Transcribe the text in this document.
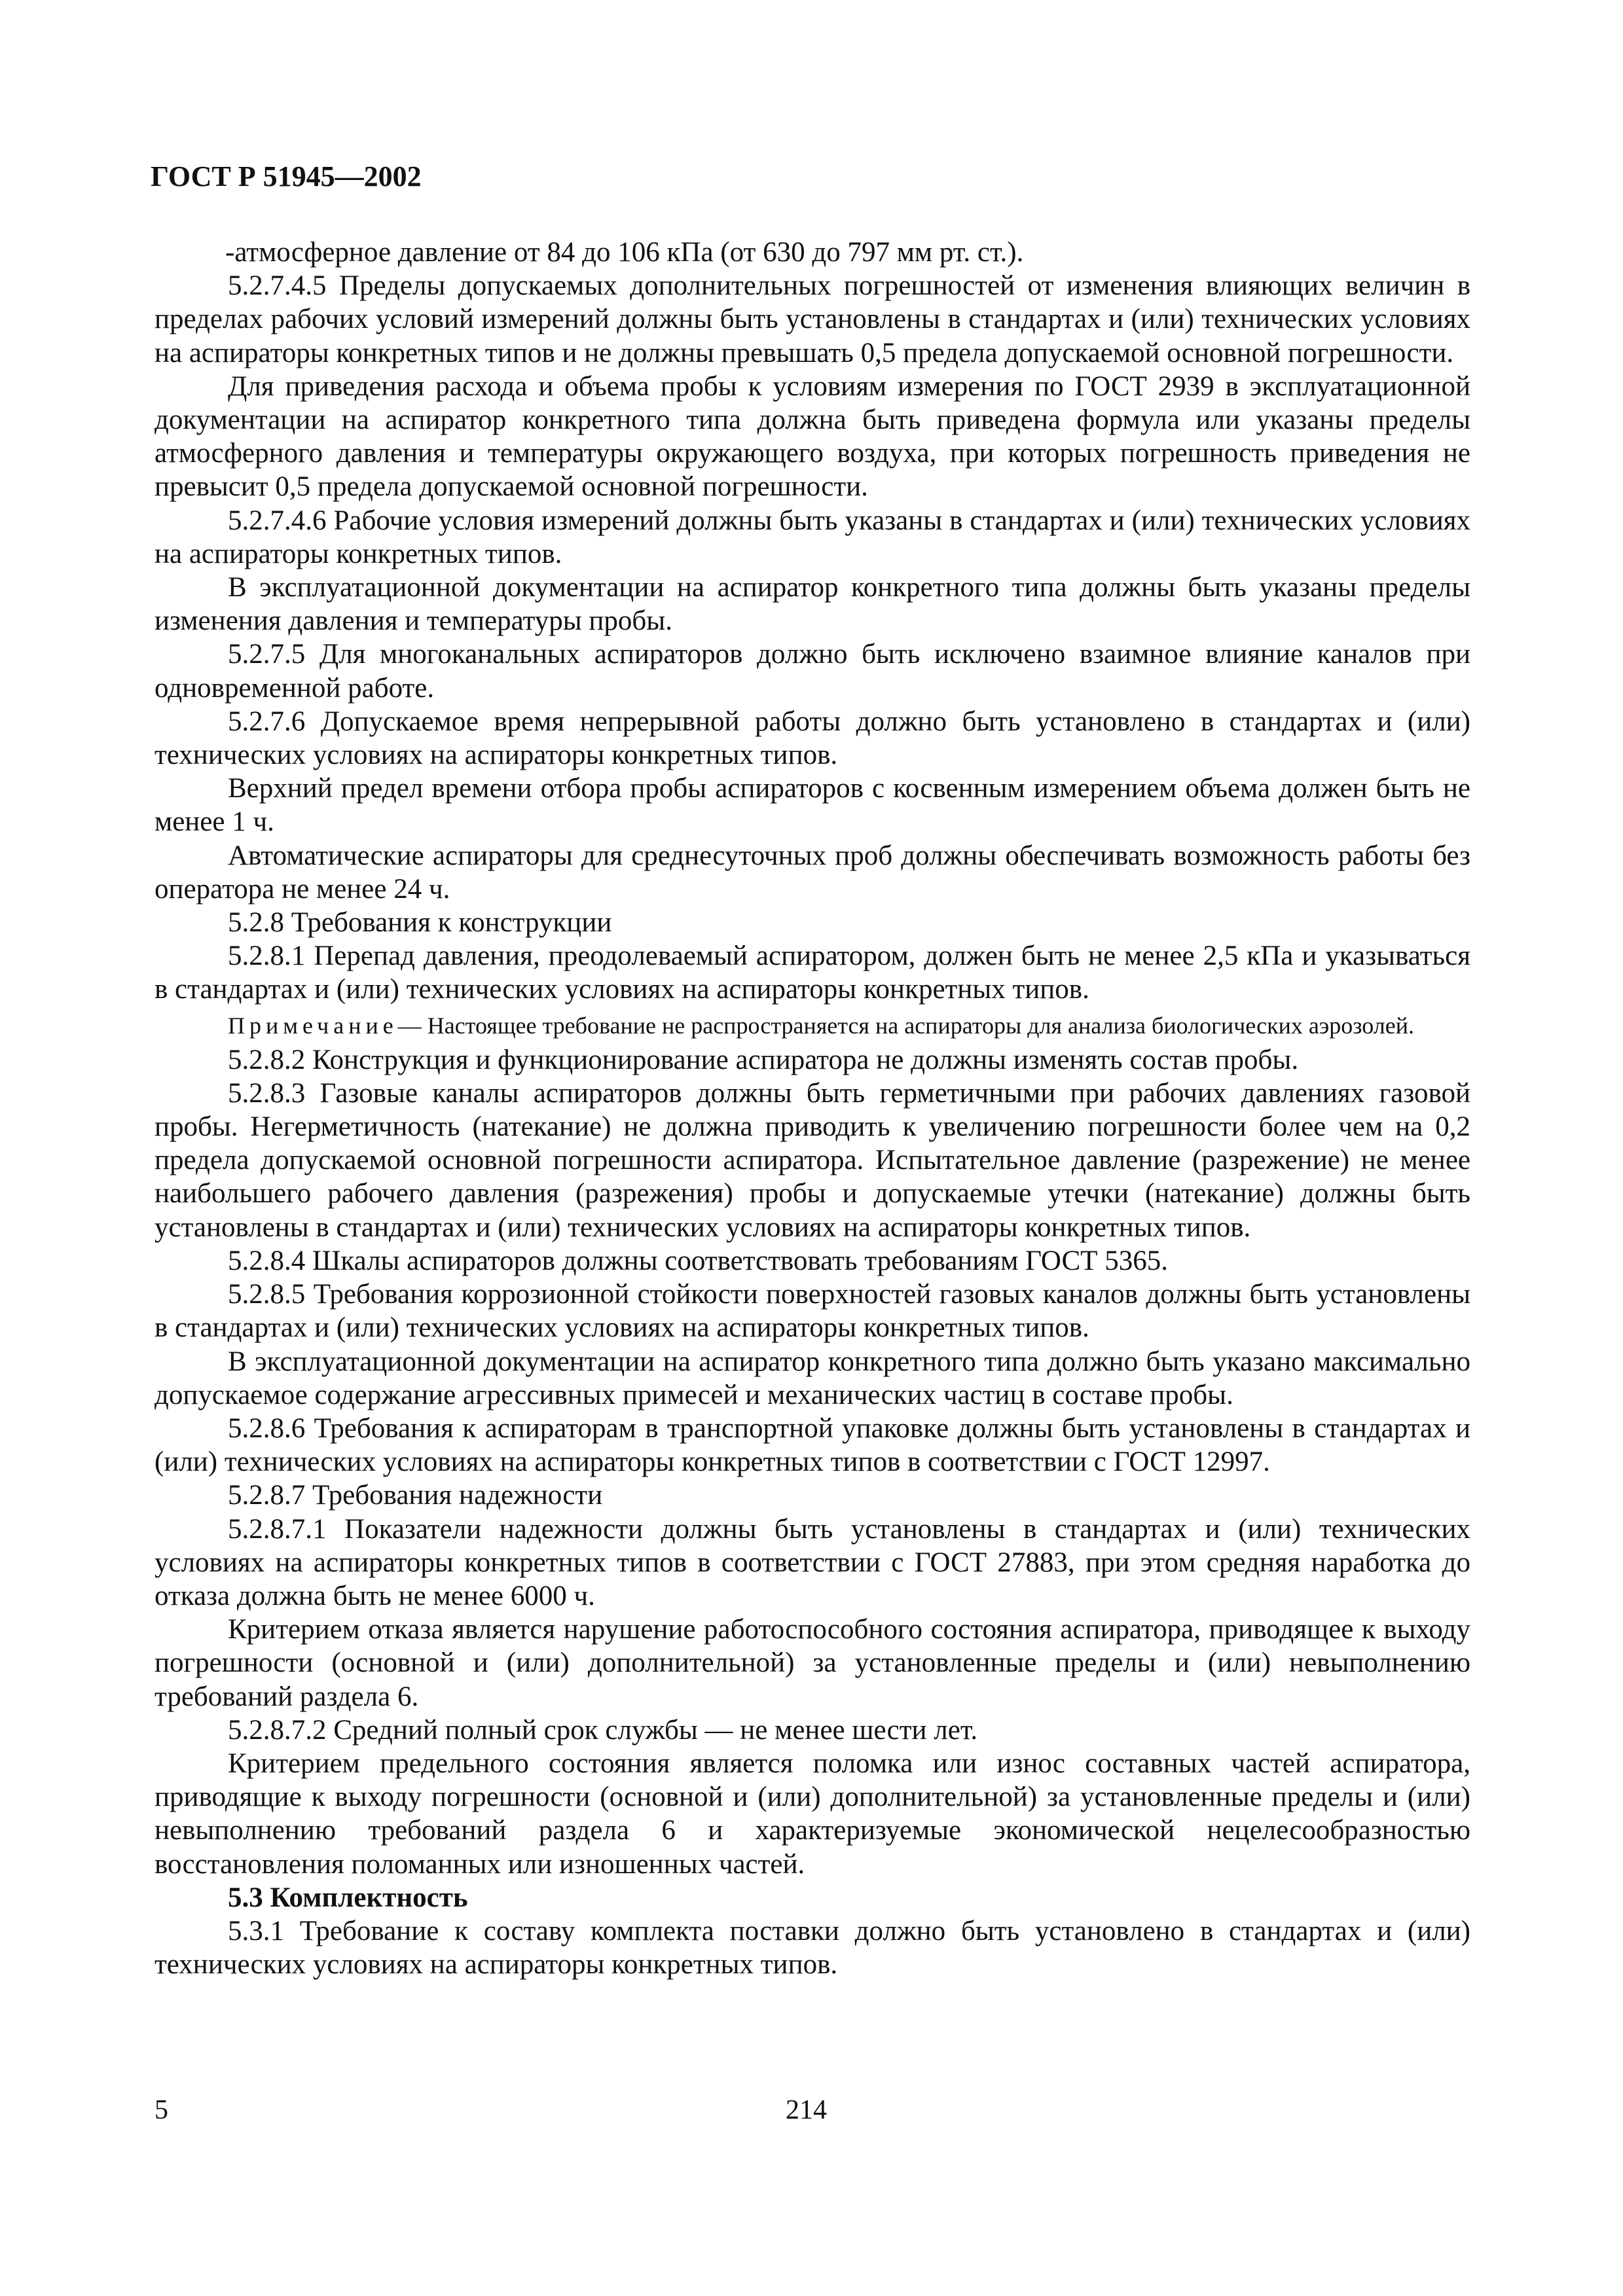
ГОСТ Р 51945—2002

-атмосферное давление от 84 до 106 кПа (от 630 до 797 мм рт. ст.).

5.2.7.4.5 Пределы допускаемых дополнительных погрешностей от изменения влияющих величин в пределах рабочих условий измерений должны быть установлены в стандартах и (или) технических условиях на аспираторы конкретных типов и не должны превышать 0,5 предела допускаемой основной погрешности.

Для приведения расхода и объема пробы к условиям измерения по ГОСТ 2939 в эксплуатационной документации на аспиратор конкретного типа должна быть приведена формула или указаны пределы атмосферного давления и температуры окружающего воздуха, при которых погрешность приведения не превысит 0,5 предела допускаемой основной погрешности.

5.2.7.4.6 Рабочие условия измерений должны быть указаны в стандартах и (или) технических условиях на аспираторы конкретных типов.

В эксплуатационной документации на аспиратор конкретного типа должны быть указаны пределы изменения давления и температуры пробы.

5.2.7.5 Для многоканальных аспираторов должно быть исключено взаимное влияние каналов при одновременной работе.

5.2.7.6 Допускаемое время непрерывной работы должно быть установлено в стандартах и (или) технических условиях на аспираторы конкретных типов.

Верхний предел времени отбора пробы аспираторов с косвенным измерением объема должен быть не менее 1 ч.

Автоматические аспираторы для среднесуточных проб должны обеспечивать возможность работы без оператора не менее 24 ч.

5.2.8 Требования к конструкции

5.2.8.1 Перепад давления, преодолеваемый аспиратором, должен быть не менее 2,5 кПа и указываться в стандартах и (или) технических условиях на аспираторы конкретных типов.

Примечание— Настоящее требование не распространяется на аспираторы для анализа биологических аэрозолей.

5.2.8.2 Конструкция и функционирование аспиратора не должны изменять состав пробы.

5.2.8.3 Газовые каналы аспираторов должны быть герметичными при рабочих давлениях газовой пробы. Негерметичность (натекание) не должна приводить к увеличению погрешности более чем на 0,2 предела допускаемой основной погрешности аспиратора. Испытательное давление (разрежение) не менее наибольшего рабочего давления (разрежения) пробы и допускаемые утечки (натекание) должны быть установлены в стандартах и (или) технических условиях на аспираторы конкретных типов.

5.2.8.4 Шкалы аспираторов должны соответствовать требованиям ГОСТ 5365.

5.2.8.5 Требования коррозионной стойкости поверхностей газовых каналов должны быть установлены в стандартах и (или) технических условиях на аспираторы конкретных типов.

В эксплуатационной документации на аспиратор конкретного типа должно быть указано максимально допускаемое содержание агрессивных примесей и механических частиц в составе пробы.

5.2.8.6 Требования к аспираторам в транспортной упаковке должны быть установлены в стандартах и (или) технических условиях на аспираторы конкретных типов в соответствии с ГОСТ 12997.

5.2.8.7 Требования надежности

5.2.8.7.1 Показатели надежности должны быть установлены в стандартах и (или) технических условиях на аспираторы конкретных типов в соответствии с ГОСТ 27883, при этом средняя наработка до отказа должна быть не менее 6000 ч.

Критерием отказа является нарушение работоспособного состояния аспиратора, приводящее к выходу погрешности (основной и (или) дополнительной) за установленные пределы и (или) невыполнению требований раздела 6.

5.2.8.7.2 Средний полный срок службы — не менее шести лет.

Критерием предельного состояния является поломка или износ составных частей аспиратора, приводящие к выходу погрешности (основной и (или) дополнительной) за установленные пределы и (или) невыполнению требований раздела 6 и характеризуемые экономической нецелесообразностью восстановления поломанных или изношенных частей.

5.3 Комплектность

5.3.1 Требование к составу комплекта поставки должно быть установлено в стандартах и (или) технических условиях на аспираторы конкретных типов.

5	214
